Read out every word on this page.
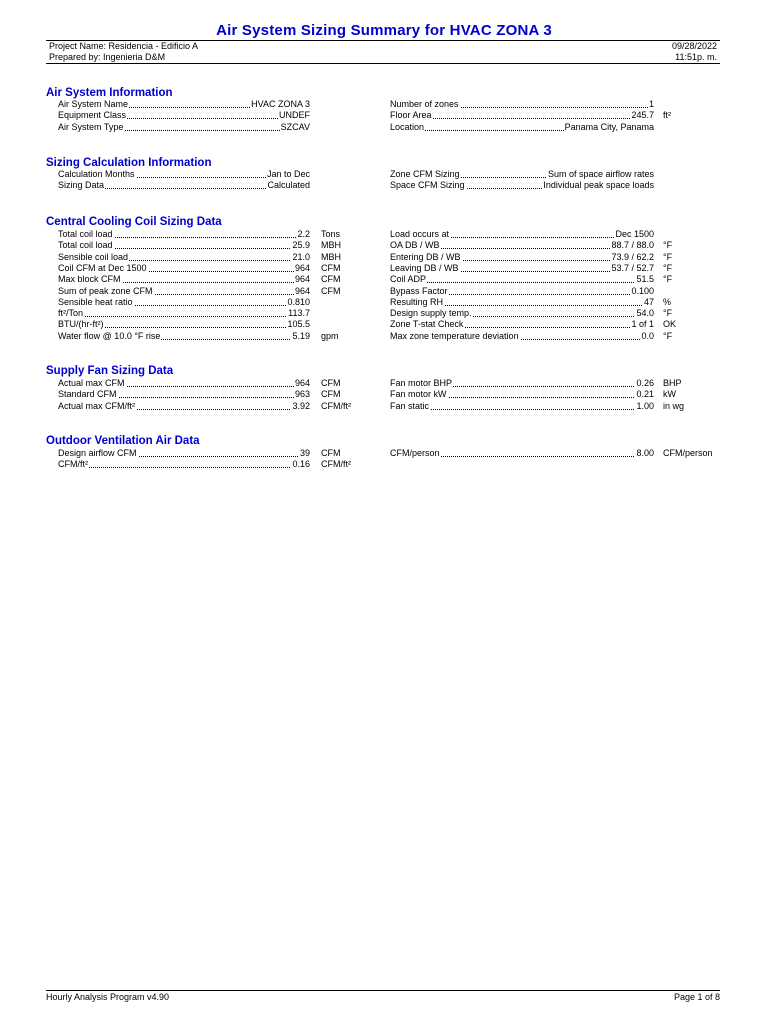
Air System Sizing Summary for HVAC ZONA 3
Project Name: Residencia - Edificio A	09/28/2022
Prepared by: Ingenieria D&M	11:51p. m.
Air System Information
Air System Name	HVAC ZONA 3
Equipment Class	UNDEF
Air System Type	SZCAV
Number of zones	1
Floor Area	245.7 ft²
Location	Panama City, Panama
Sizing Calculation Information
Calculation Months	Jan to Dec
Sizing Data	Calculated
Zone CFM Sizing	Sum of space airflow rates
Space CFM Sizing	Individual peak space loads
Central Cooling Coil Sizing Data
Total coil load	2.2 Tons
Total coil load	25.9 MBH
Sensible coil load	21.0 MBH
Coil CFM at Dec 1500	964 CFM
Max block CFM	964 CFM
Sum of peak zone CFM	964 CFM
Sensible heat ratio	0.810
ft²/Ton	113.7
BTU/(hr-ft²)	105.5
Water flow @ 10.0 °F rise	5.19 gpm
Load occurs at	Dec 1500
OA DB / WB	88.7 / 88.0 °F
Entering DB / WB	73.9 / 62.2 °F
Leaving DB / WB	53.7 / 52.7 °F
Coil ADP	51.5 °F
Bypass Factor	0.100
Resulting RH	47 %
Design supply temp.	54.0 °F
Zone T-stat Check	1 of 1 OK
Max zone temperature deviation	0.0 °F
Supply Fan Sizing Data
Actual max CFM	964 CFM
Standard CFM	963 CFM
Actual max CFM/ft²	3.92 CFM/ft²
Fan motor BHP	0.26 BHP
Fan motor kW	0.21 kW
Fan static	1.00 in wg
Outdoor Ventilation Air Data
Design airflow CFM	39 CFM
CFM/ft²	0.16 CFM/ft²
CFM/person	8.00 CFM/person
Hourly Analysis Program v4.90	Page 1 of 8
